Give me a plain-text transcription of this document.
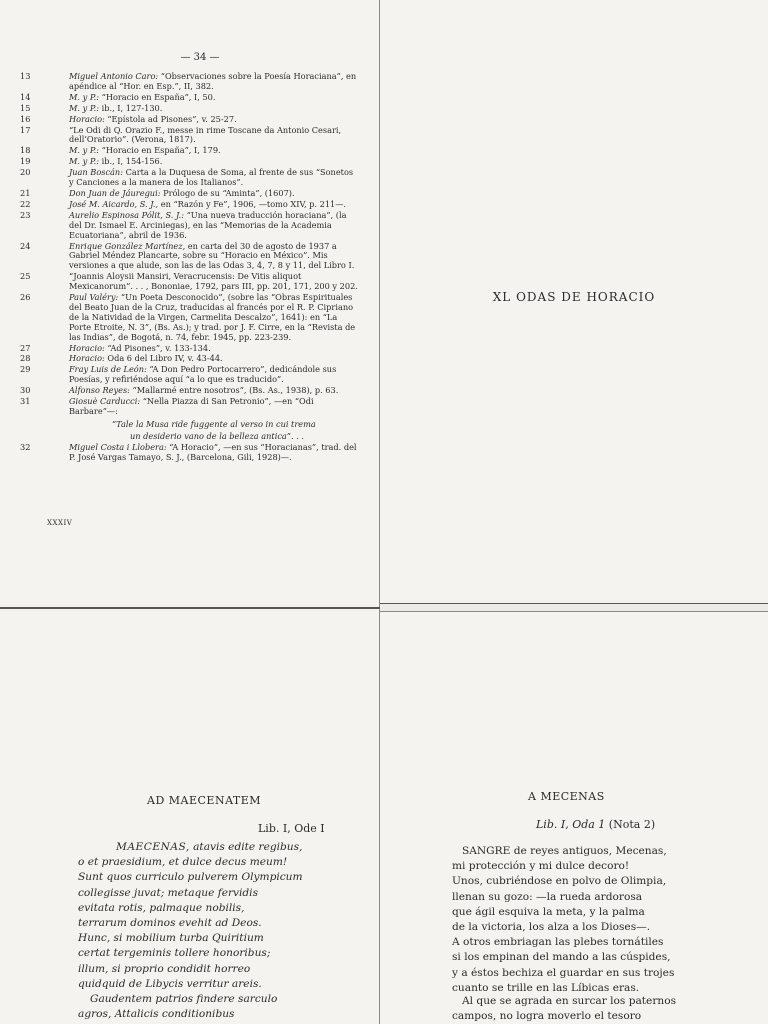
— 34 —
13	Miguel Antonio Caro: “Observaciones sobre la Poesía Horaciana”, en apéndice al “Hor. en Esp.”, II, 382.
14	M. y P.: “Horacio en España”, I, 50.
15	M. y P.: ib., I, 127-130.
16	Horacio: “Epístola ad Pisones”, v. 25-27.
17	“Le Odi di Q. Orazio F., messe in rime Toscane da Antonio Cesari, dell’Oratorio”. (Verona, 1817).
18	M. y P.: “Horacio en España”, I, 179.
19	M. y P.: ib., I, 154-156.
20	Juan Boscán: Carta a la Duquesa de Soma, al frente de sus “Sonetos y Canciones a la manera de los Italianos”.
21	Don Juan de Jáuregui: Prólogo de su “Aminta”, (1607).
22	José M. Aicardo, S. J., en “Razón y Fe”, 1906, —tomo XIV, p. 211—.
23	Aurelio Espinosa Pólit, S. J.: “Una nueva traducción horaciana”, (la del Dr. Ismael E. Arciniegas), en las “Memorias de la Academia Ecuatoriana”, abril de 1936.
24	Enrique González Martínez, en carta del 30 de agosto de 1937 a Gabriel Méndez Plancarte, sobre su “Horacio en México”. Mis versiones a que alude, son las de las Odas 3, 4, 7, 8 y 11, del Libro I.
25	“Joannis Aloysii Mansiri, Veracrucensis: De Vitis aliquot Mexicanorum”. . . , Bononiae, 1792, pars III, pp. 201, 171, 200 y 202.
26	Paul Valéry: “Un Poeta Desconocido”, (sobre las “Obras Espirituales del Beato Juan de la Cruz, traducidas al francés por el R. P. Cipriano de la Natividad de la Virgen, Carmelita Descalzo”, 1641): en “La Porte Etroite, N. 3”, (Bs. As.); y trad. por J. F. Cirre, en la “Revista de las Indias”, de Bogotá, n. 74, febr. 1945, pp. 223-239.
27	Horacio: “Ad Pisones”, v. 133-134.
28	Horacio: Oda 6 del Libro IV, v. 43-44.
29	Fray Luis de León: “A Don Pedro Portocarrero”, dedicándole sus Poesías, y refiriéndose aquí “a lo que es traducido”.
30	Alfonso Reyes: “Mallarmé entre nosotros”, (Bs. As., 1938), p. 63.
31	Giosuè Carducci: “Nella Piazza di San Petronio”, —en “Odi Barbare”—:
“Tale la Musa ride fuggente al verso in cui trema
un desiderio vano de la belleza antica”. . .
32	Miguel Costa i Llobera: “A Horacio”, —en sus “Horacianas”, trad. del P. José Vargas Tamayo, S. J., (Barcelona, Gili, 1928)—.
XXXIV
XL ODAS DE HORACIO
AD MAECENATEM
Lib. I, Ode I
MAECENAS, atavis edite regibus,
o et praesidium, et dulce decus meum!
Sunt quos curriculo pulverem Olympicum
collegisse juvat; metaque fervidis
evitata rotis, palmaque nobilis,
terrarum dominos evehit ad Deos.
Hunc, si mobilium turba Quiritium
certat tergeminis tollere honoribus;
illum, si proprio condidit horreo
quidquid de Libycis verritur areis.
Gaudentem patrios findere sarculo
agros, Attalicis conditionibus
A MECENAS
Lib. I, Oda 1 (Nota 2)
SANGRE de reyes antiguos, Mecenas,
mi protección y mi dulce decoro!
Unos, cubriéndose en polvo de Olimpia,
llenan su gozo: —la rueda ardorosa
que ágil esquiva la meta, y la palma
de la victoria, los alza a los Dioses—.
A otros embriagan las plebes tornátiles
si los empinan del mando a las cúspides,
y a éstos bechiza el guardar en sus trojes
cuanto se trille en las Líbicas eras.
Al que se agrada en surcar los paternos
campos, no logra moverlo el tesoro
